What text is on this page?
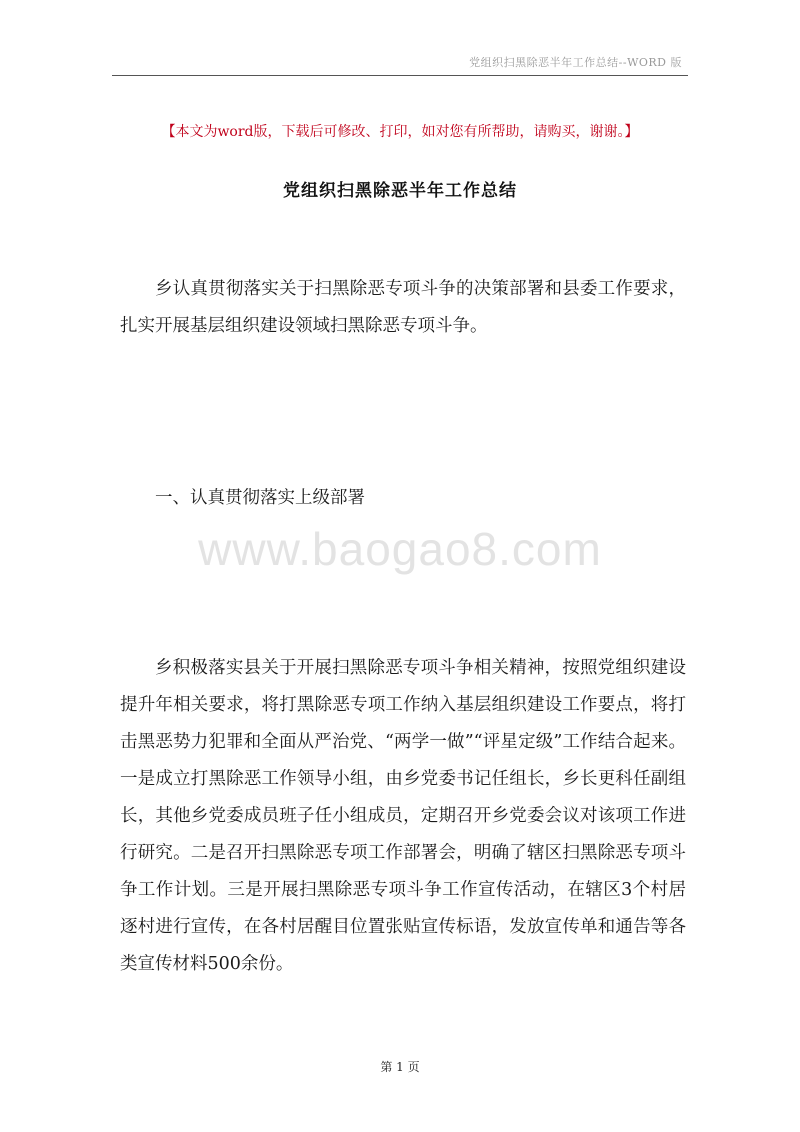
党组织扫黑除恶半年工作总结--WORD 版
【本文为word版，下载后可修改、打印，如对您有所帮助，请购买，谢谢。】
党组织扫黑除恶半年工作总结

乡认真贯彻落实关于扫黑除恶专项斗争的决策部署和县委工作要求，扎实开展基层组织建设领域扫黑除恶专项斗争。

一、认真贯彻落实上级部署

www.baogao8.com

乡积极落实县关于开展扫黑除恶专项斗争相关精神，按照党组织建设提升年相关要求，将打黑除恶专项工作纳入基层组织建设工作要点，将打击黑恶势力犯罪和全面从严治党、“两学一做”“评星定级”工作结合起来。一是成立打黑除恶工作领导小组，由乡党委书记任组长，乡长更科任副组长，其他乡党委成员班子任小组成员，定期召开乡党委会议对该项工作进行研究。二是召开扫黑除恶专项工作部署会，明确了辖区扫黑除恶专项斗争工作计划。三是开展扫黑除恶专项斗争工作宣传活动，在辖区3个村居逐村进行宣传，在各村居醒目位置张贴宣传标语，发放宣传单和通告等各类宣传材料500余份。

第 1 页
